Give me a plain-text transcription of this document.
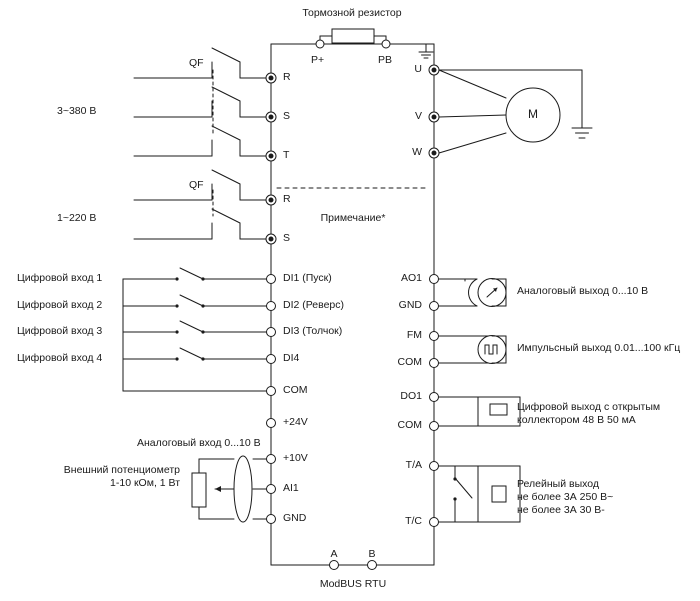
Тормозной резистор
P+	PB
QF
3~380 В
R
S
T
QF
1~220 В
R
S
Примечание*
U
V
W
M
Цифровой вход 1
Цифровой вход 2
Цифровой вход 3
Цифровой вход 4
DI1 (Пуск)
DI2 (Реверс)
DI3 (Толчок)
DI4
COM
+24V
+10V
AI1
GND
Аналоговый вход 0...10 В
Внешний потенциометр
1-10 кОм, 1 Вт
AO1
GND
Аналоговый выход 0...10 В
FM
COM
Импульсный выход 0.01...100 кГц
DO1
COM
Цифровой выход с открытым
коллектором 48 В 50 мА
T/A
T/C
Релейный выход
не более 3А 250 В~
не более 3А 30 В-
A	B
ModBUS RTU
